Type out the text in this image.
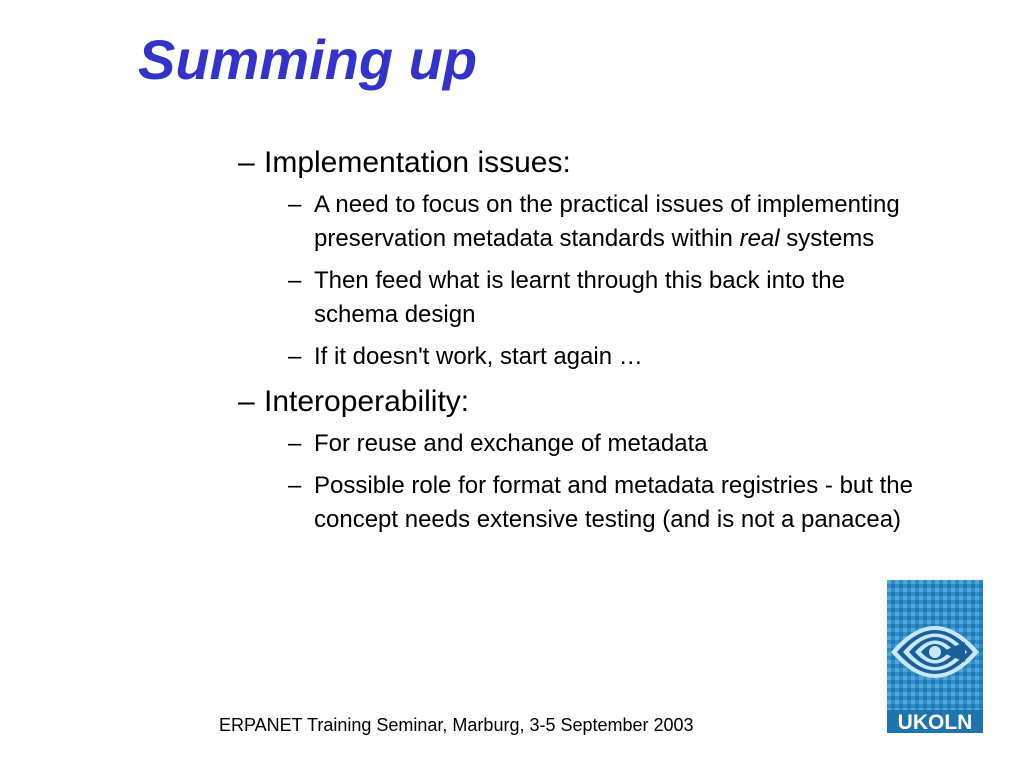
Summing up
– Implementation issues:
– A need to focus on the practical issues of implementing preservation metadata standards within real systems
– Then feed what is learnt through this back into the schema design
– If it doesn't work, start again …
– Interoperability:
– For reuse and exchange of metadata
– Possible role for format and metadata registries - but the concept needs extensive testing (and is not a panacea)
UKOLN
ERPANET Training Seminar, Marburg, 3-5 September 2003
